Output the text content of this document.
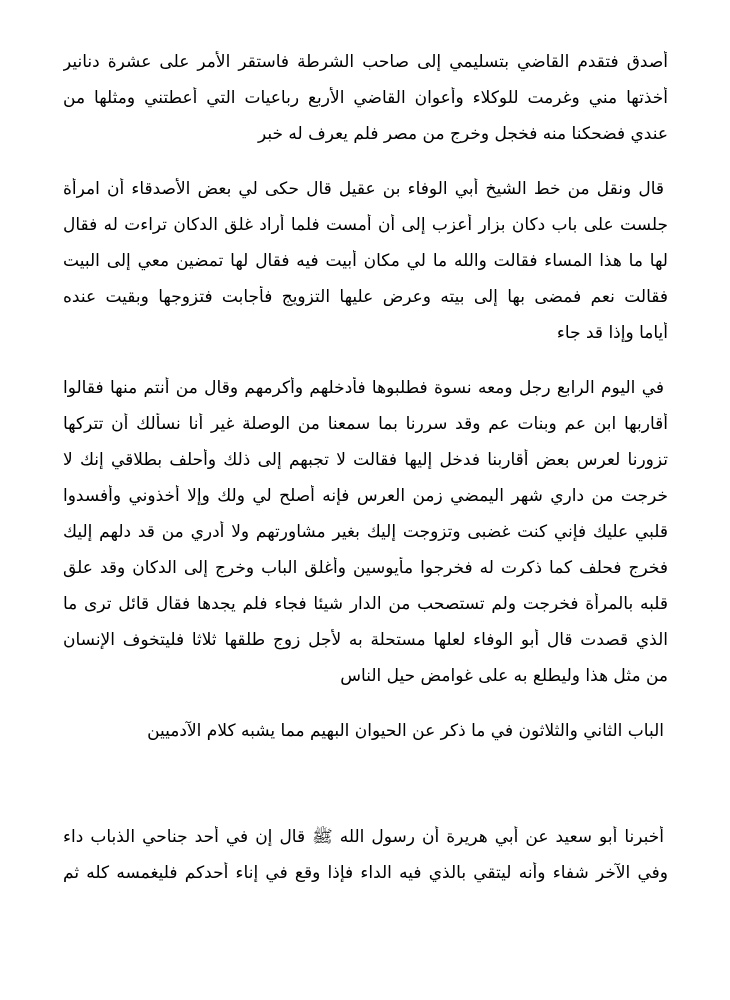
أصدق فتقدم القاضي بتسليمي إلى صاحب الشرطة فاستقر الأمر على عشرة دنانير
أخذتها مني وغرمت للوكلاء وأعوان القاضي الأربع رباعيات التي أعطتني ومثلها من
عندي فضحكنا منه فخجل وخرج من مصر فلم يعرف له خبر
قال ونقل من خط الشيخ أبي الوفاء بن عقيل قال حكى لي بعض الأصدقاء أن امرأة
جلست على باب دكان بزار أعزب إلى أن أمست فلما أراد غلق الدكان تراءت له فقال
لها ما هذا المساء فقالت والله ما لي مكان أبيت فيه فقال لها تمضين معي إلى البيت
فقالت نعم فمضى بها إلى بيته وعرض عليها التزويج فأجابت فتزوجها وبقيت عنده
أياما وإذا قد جاء
في اليوم الرابع رجل ومعه نسوة فطلبوها فأدخلهم وأكرمهم وقال من أنتم منها فقالوا
أقاربها ابن عم وبنات عم وقد سررنا بما سمعنا من الوصلة غير أنا نسألك أن تتركها
تزورنا لعرس بعض أقاربنا فدخل إليها فقالت لا تجبهم إلى ذلك وأحلف بطلاقي إنك لا
خرجت من داري شهر اليمضي زمن العرس فإنه أصلح لي ولك وإلا أخذوني وأفسدوا
قلبي عليك فإني كنت غضبى وتزوجت إليك بغير مشاورتهم ولا أدري من قد دلهم إليك
فخرج فحلف كما ذكرت له فخرجوا مأيوسين وأغلق الباب وخرج إلى الدكان وقد علق
قلبه بالمرأة فخرجت ولم تستصحب من الدار شيئا فجاء فلم يجدها فقال قائل ترى ما
الذي قصدت قال أبو الوفاء لعلها مستحلة به لأجل زوج طلقها ثلاثا فليتخوف الإنسان
من مثل هذا وليطلع به على غوامض حيل الناس
الباب الثاني والثلاثون في ما ذكر عن الحيوان البهيم مما يشبه كلام الآدميين
أخبرنا أبو سعيد عن أبي هريرة أن رسول الله ﷺ قال إن في أحد جناحي الذباب داء
وفي الآخر شفاء وأنه ليتقي بالذي فيه الداء فإذا وقع في إناء أحدكم فليغمسه كله ثم
